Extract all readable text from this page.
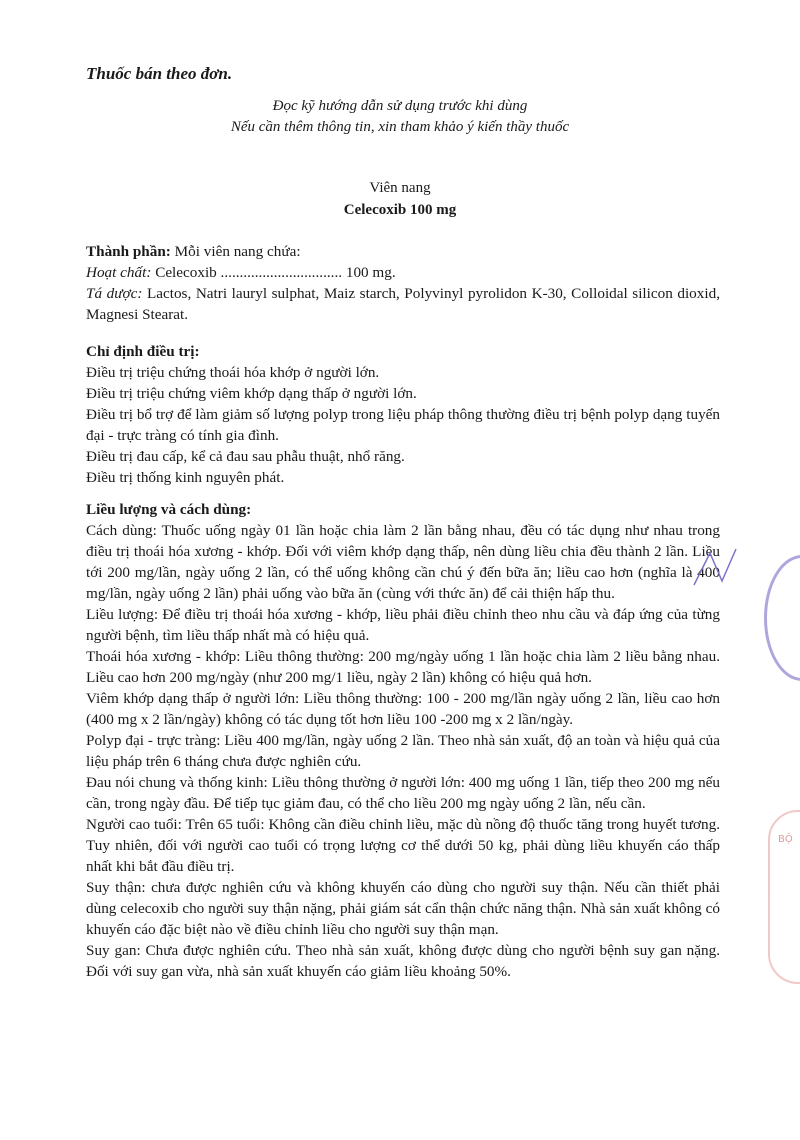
Thuốc bán theo đơn.
Đọc kỹ hướng dẫn sử dụng trước khi dùng
Nếu cần thêm thông tin, xin tham khảo ý kiến thầy thuốc
Viên nang
Celecoxib 100 mg

Thành phần: Mỗi viên nang chứa:

Hoạt chất: Celecoxib ................................ 100 mg.

Tá dược: Lactos, Natri lauryl sulphat, Maiz starch, Polyvinyl pyrolidon K-30, Colloidal silicon dioxid, Magnesi Stearat.

Chỉ định điều trị:

Điều trị triệu chứng thoái hóa khớp ở người lớn.

Điều trị triệu chứng viêm khớp dạng thấp ở người lớn.

Điều trị bổ trợ để làm giảm số lượng polyp trong liệu pháp thông thường điều trị bệnh polyp dạng tuyến đại - trực tràng có tính gia đình.

Điều trị đau cấp, kể cả đau sau phẫu thuật, nhổ răng.

Điều trị thống kinh nguyên phát.

Liều lượng và cách dùng:

Cách dùng: Thuốc uống ngày 01 lần hoặc chia làm 2 lần bằng nhau, đều có tác dụng như nhau trong điều trị thoái hóa xương - khớp. Đối với viêm khớp dạng thấp, nên dùng liều chia đều thành 2 lần. Liều tới 200 mg/lần, ngày uống 2 lần, có thể uống không cần chú ý đến bữa ăn; liều cao hơn (nghĩa là 400 mg/lần, ngày uống 2 lần) phải uống vào bữa ăn (cùng với thức ăn) để cải thiện hấp thu.

Liều lượng: Để điều trị thoái hóa xương - khớp, liều phải điều chỉnh theo nhu cầu và đáp ứng của từng người bệnh, tìm liều thấp nhất mà có hiệu quả.

Thoái hóa xương - khớp: Liều thông thường: 200 mg/ngày uống 1 lần hoặc chia làm 2 liều bằng nhau. Liều cao hơn 200 mg/ngày (như 200 mg/1 liều, ngày 2 lần) không có hiệu quả hơn.

Viêm khớp dạng thấp ở người lớn: Liều thông thường: 100 - 200 mg/lần ngày uống 2 lần, liều cao hơn (400 mg x 2 lần/ngày) không có tác dụng tốt hơn liều 100 -200 mg x 2 lần/ngày.

Polyp đại - trực tràng: Liều 400 mg/lần, ngày uống 2 lần. Theo nhà sản xuất, độ an toàn và hiệu quả của liệu pháp trên 6 tháng chưa được nghiên cứu.

Đau nói chung và thống kinh: Liều thông thường ở người lớn: 400 mg uống 1 lần, tiếp theo 200 mg nếu cần, trong ngày đầu. Để tiếp tục giảm đau, có thể cho liều 200 mg ngày uống 2 lần, nếu cần.

Người cao tuổi: Trên 65 tuổi: Không cần điều chỉnh liều, mặc dù nồng độ thuốc tăng trong huyết tương. Tuy nhiên, đối với người cao tuổi có trọng lượng cơ thể dưới 50 kg, phải dùng liều khuyến cáo thấp nhất khi bắt đầu điều trị.

Suy thận: chưa được nghiên cứu và không khuyến cáo dùng cho người suy thận. Nếu cần thiết phải dùng celecoxib cho người suy thận nặng, phải giám sát cẩn thận chức năng thận. Nhà sản xuất không có khuyến cáo đặc biệt nào về điều chỉnh liều cho người suy thận mạn.

Suy gan: Chưa được nghiên cứu. Theo nhà sản xuất, không được dùng cho người bệnh suy gan nặng. Đối với suy gan vừa, nhà sản xuất khuyến cáo giảm liều khoảng 50%.

BỘ
